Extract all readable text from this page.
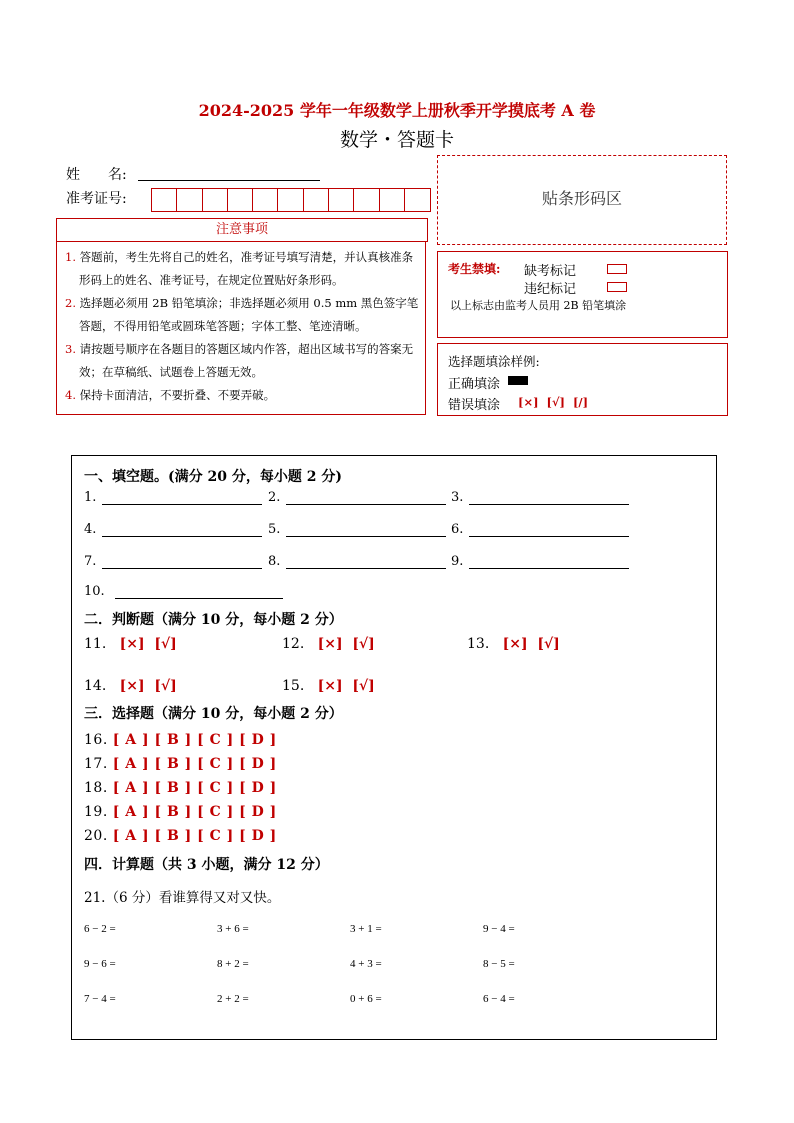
2024-2025 学年一年级数学上册秋季开学摸底考 A 卷
数学・答题卡
姓　　名:
准考证号:
注意事项
1. 答题前，考生先将自己的姓名，准考证号填写清楚，并认真核准条形码上的姓名、准考证号，在规定位置贴好条形码。
2. 选择题必须用 2B 铅笔填涂；非选择题必须用 0.5 mm 黑色签字笔答题，不得用铅笔或圆珠笔答题；字体工整、笔迹清晰。
3. 请按题号顺序在各题目的答题区域内作答，超出区域书写的答案无效；在草稿纸、试题卷上答题无效。
4. 保持卡面清洁，不要折叠、不要弄破。
贴条形码区
考生禁填: 缺考标记
违纪标记
以上标志由监考人员用 2B 铅笔填涂
选择题填涂样例:
正确填涂
错误填涂 [×]  [√]  [/]
一、填空题。(满分 20 分，每小题 2 分)
10.
二．判断题（满分 10 分，每小题 2 分）
三．选择题（满分 10 分，每小题 2 分）
四．计算题（共 3 小题，满分 12 分）
21.（6 分）看谁算得又对又快。
1.	2.	3.
4.	5.	6.
7.	8.	9.
11. [×]  [√]	12. [×]  [√]	13. [×]  [√]
14. [×]  [√]	15. [×]  [√]
16. [ A ] [ B ] [ C ] [ D ]
17. [ A ] [ B ] [ C ] [ D ]
18. [ A ] [ B ] [ C ] [ D ]
19. [ A ] [ B ] [ C ] [ D ]
20. [ A ] [ B ] [ C ] [ D ]
6 − 2 =	3 + 6 =	3 + 1 =	9 − 4 =
9 − 6 =	8 + 2 =	4 + 3 =	8 − 5 =
7 − 4 =	2 + 2 =	0 + 6 =	6 − 4 =
